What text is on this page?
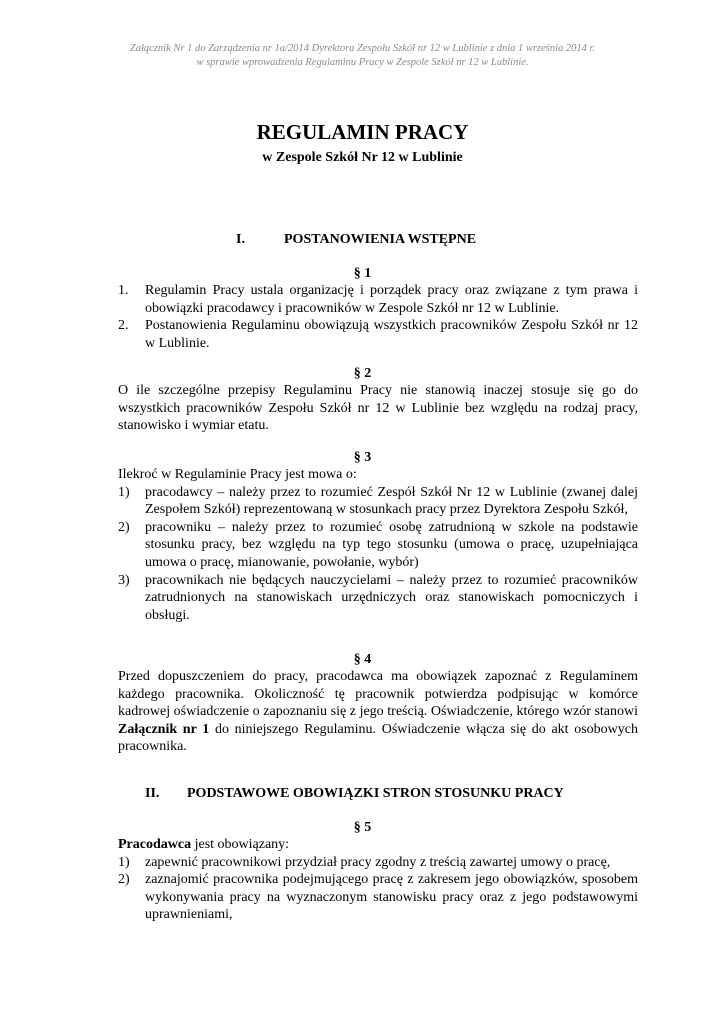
Załącznik Nr 1 do Zarządzenia nr 1a/2014 Dyrektora Zespołu Szkół nr 12 w Lublinie z dnia 1 września 2014 r.
w sprawie wprowadzenia Regulaminu Pracy w Zespole Szkół nr 12 w Lublinie.
REGULAMIN PRACY
w Zespole Szkół Nr 12 w Lublinie
I.	POSTANOWIENIA WSTĘPNE
§ 1
1.	Regulamin Pracy ustala organizację i porządek pracy oraz związane z tym prawa i obowiązki pracodawcy i pracowników w Zespole Szkół nr 12 w Lublinie.
2.	Postanowienia Regulaminu obowiązują wszystkich pracowników Zespołu Szkół nr 12 w Lublinie.
§ 2
O ile szczególne przepisy Regulaminu Pracy nie stanowią inaczej stosuje się go do wszystkich pracowników Zespołu Szkół nr 12 w Lublinie bez względu na rodzaj pracy, stanowisko i wymiar etatu.
§ 3
Ilekroć w Regulaminie Pracy jest mowa o:
1)	pracodawcy – należy przez to rozumieć Zespół Szkół Nr 12 w Lublinie (zwanej dalej Zespołem Szkół) reprezentowaną w stosunkach pracy przez Dyrektora Zespołu Szkół,
2)	pracowniku – należy przez to rozumieć osobę zatrudnioną w szkole na podstawie stosunku pracy, bez względu na typ tego stosunku (umowa o pracę, uzupełniająca umowa o pracę, mianowanie, powołanie, wybór)
3)	pracownikach nie będących nauczycielami – należy przez to rozumieć pracowników zatrudnionych na stanowiskach urzędniczych oraz stanowiskach pomocniczych i obsługi.
§ 4
Przed dopuszczeniem do pracy, pracodawca ma obowiązek zapoznać z Regulaminem każdego pracownika. Okoliczność tę pracownik potwierdza podpisując w komórce kadrowej oświadczenie o zapoznaniu się z jego treścią. Oświadczenie, którego wzór stanowi Załącznik nr 1 do niniejszego Regulaminu. Oświadczenie włącza się do akt osobowych pracownika.
II. PODSTAWOWE OBOWIĄZKI STRON STOSUNKU PRACY
§ 5
Pracodawca jest obowiązany:
1)	zapewnić pracownikowi przydział pracy zgodny z treścią zawartej umowy o pracę,
2)	zaznajomić pracownika podejmującego pracę z zakresem jego obowiązków, sposobem wykonywania pracy na wyznaczonym stanowisku pracy oraz z jego podstawowymi uprawnieniami,
